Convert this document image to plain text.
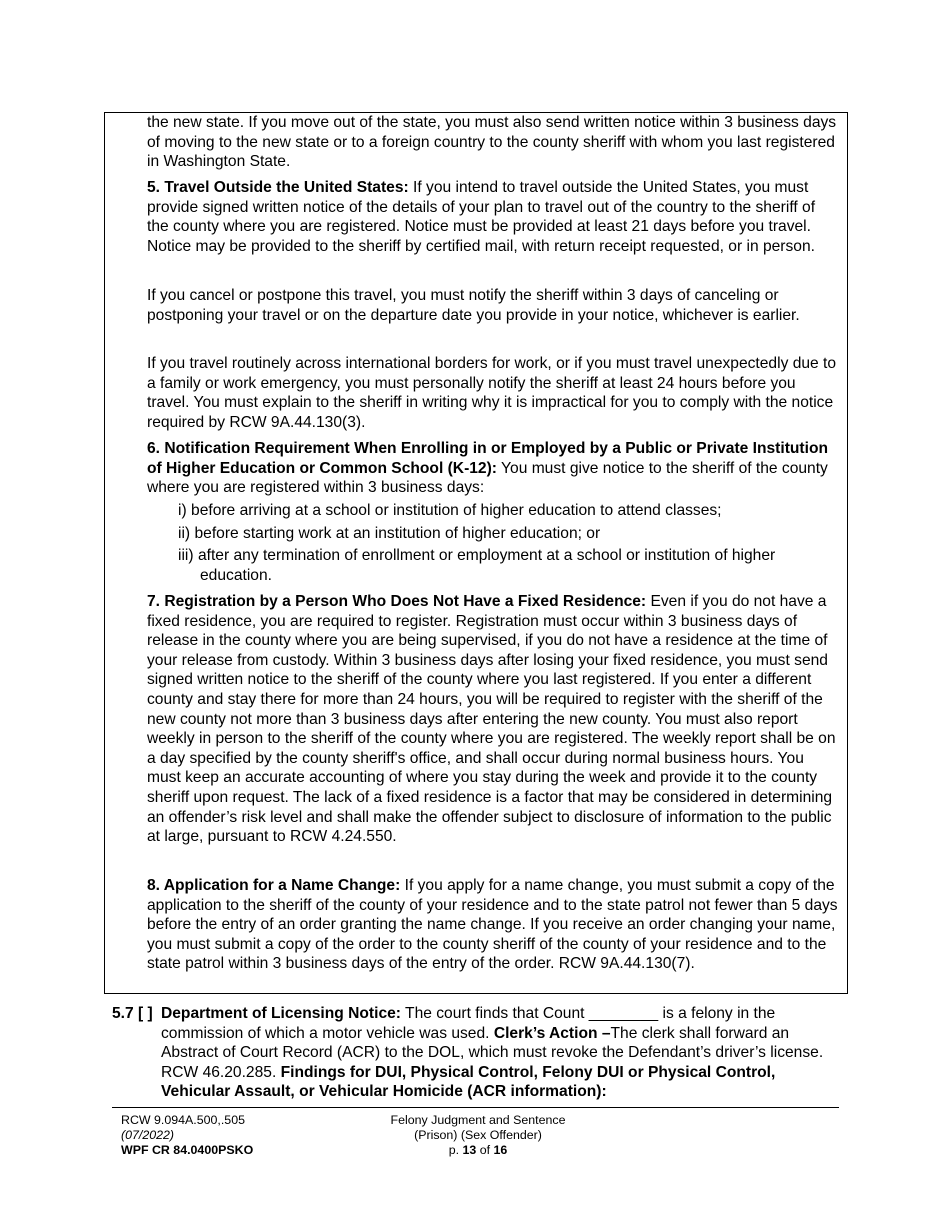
the new state. If you move out of the state, you must also send written notice within 3 business days of moving to the new state or to a foreign country to the county sheriff with whom you last registered in Washington State.

5. Travel Outside the United States: If you intend to travel outside the United States, you must provide signed written notice of the details of your plan to travel out of the country to the sheriff of the county where you are registered. Notice must be provided at least 21 days before you travel. Notice may be provided to the sheriff by certified mail, with return receipt requested, or in person.

If you cancel or postpone this travel, you must notify the sheriff within 3 days of canceling or postponing your travel or on the departure date you provide in your notice, whichever is earlier.

If you travel routinely across international borders for work, or if you must travel unexpectedly due to a family or work emergency, you must personally notify the sheriff at least 24 hours before you travel. You must explain to the sheriff in writing why it is impractical for you to comply with the notice required by RCW 9A.44.130(3).

6. Notification Requirement When Enrolling in or Employed by a Public or Private Institution of Higher Education or Common School (K-12): You must give notice to the sheriff of the county where you are registered within 3 business days:

i) before arriving at a school or institution of higher education to attend classes;
ii) before starting work at an institution of higher education; or
iii) after any termination of enrollment or employment at a school or institution of higher
education.

7. Registration by a Person Who Does Not Have a Fixed Residence: Even if you do not have a fixed residence, you are required to register. Registration must occur within 3 business days of release in the county where you are being supervised, if you do not have a residence at the time of your release from custody. Within 3 business days after losing your fixed residence, you must send signed written notice to the sheriff of the county where you last registered. If you enter a different county and stay there for more than 24 hours, you will be required to register with the sheriff of the new county not more than 3 business days after entering the new county. You must also report weekly in person to the sheriff of the county where you are registered. The weekly report shall be on a day specified by the county sheriff's office, and shall occur during normal business hours. You must keep an accurate accounting of where you stay during the week and provide it to the county sheriff upon request. The lack of a fixed residence is a factor that may be considered in determining an offender’s risk level and shall make the offender subject to disclosure of information to the public at large, pursuant to RCW 4.24.550.

8. Application for a Name Change: If you apply for a name change, you must submit a copy of the application to the sheriff of the county of your residence and to the state patrol not fewer than 5 days before the entry of an order granting the name change. If you receive an order changing your name, you must submit a copy of the order to the county sheriff of the county of your residence and to the state patrol within 3 business days of the entry of the order. RCW 9A.44.130(7).

5.7 [ ] Department of Licensing Notice: The court finds that Count ________ is a felony in the commission of which a motor vehicle was used. Clerk’s Action –The clerk shall forward an Abstract of Court Record (ACR) to the DOL, which must revoke the Defendant’s driver’s license. RCW 46.20.285. Findings for DUI, Physical Control, Felony DUI or Physical Control, Vehicular Assault, or Vehicular Homicide (ACR information):
RCW 9.094A.500,.505
(07/2022)
WPF CR 84.0400PSKO
Felony Judgment and Sentence
(Prison) (Sex Offender)
p. 13 of 16
